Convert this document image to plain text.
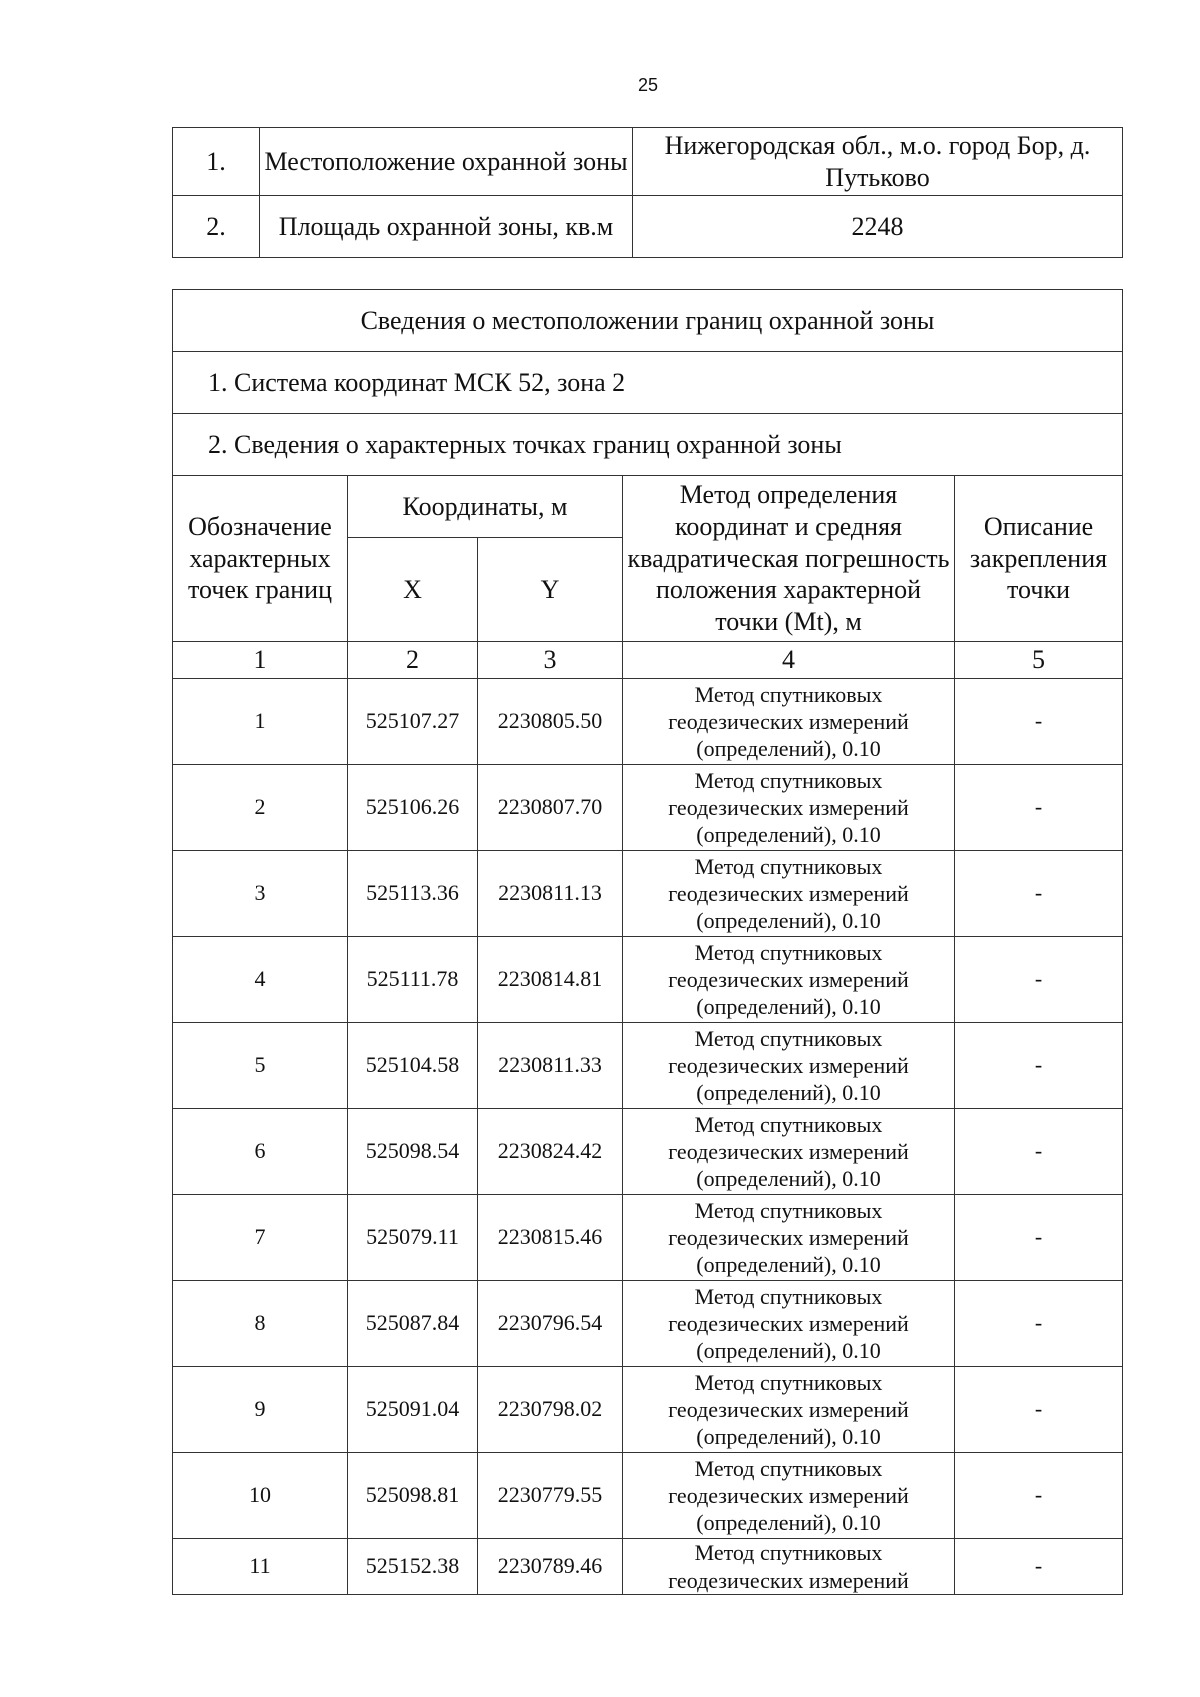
25
1.	Местоположение охранной зоны	Нижегородская обл., м.о. город Бор, д. Путьково
2.	Площадь охранной зоны, кв.м	2248
Сведения о местоположении границ охранной зоны				
1. Система координат МСК 52, зона 2				
2. Сведения о характерных точках границ охранной зоны				
Обозначение характерных точек границ	Координаты, м		Метод определения координат и средняя квадратическая погрешность положения характерной точки (Mt), м	Описание закрепления точки
	X	Y		
1	2	3	4	5
1	525107.27	2230805.50	Метод спутниковых
геодезических измерений
(определений), 0.10	-
2	525106.26	2230807.70	Метод спутниковых
геодезических измерений
(определений), 0.10	-
3	525113.36	2230811.13	Метод спутниковых
геодезических измерений
(определений), 0.10	-
4	525111.78	2230814.81	Метод спутниковых
геодезических измерений
(определений), 0.10	-
5	525104.58	2230811.33	Метод спутниковых
геодезических измерений
(определений), 0.10	-
6	525098.54	2230824.42	Метод спутниковых
геодезических измерений
(определений), 0.10	-
7	525079.11	2230815.46	Метод спутниковых
геодезических измерений
(определений), 0.10	-
8	525087.84	2230796.54	Метод спутниковых
геодезических измерений
(определений), 0.10	-
9	525091.04	2230798.02	Метод спутниковых
геодезических измерений
(определений), 0.10	-
10	525098.81	2230779.55	Метод спутниковых
геодезических измерений
(определений), 0.10	-
11	525152.38	2230789.46	Метод спутниковых
геодезических измерений	-
